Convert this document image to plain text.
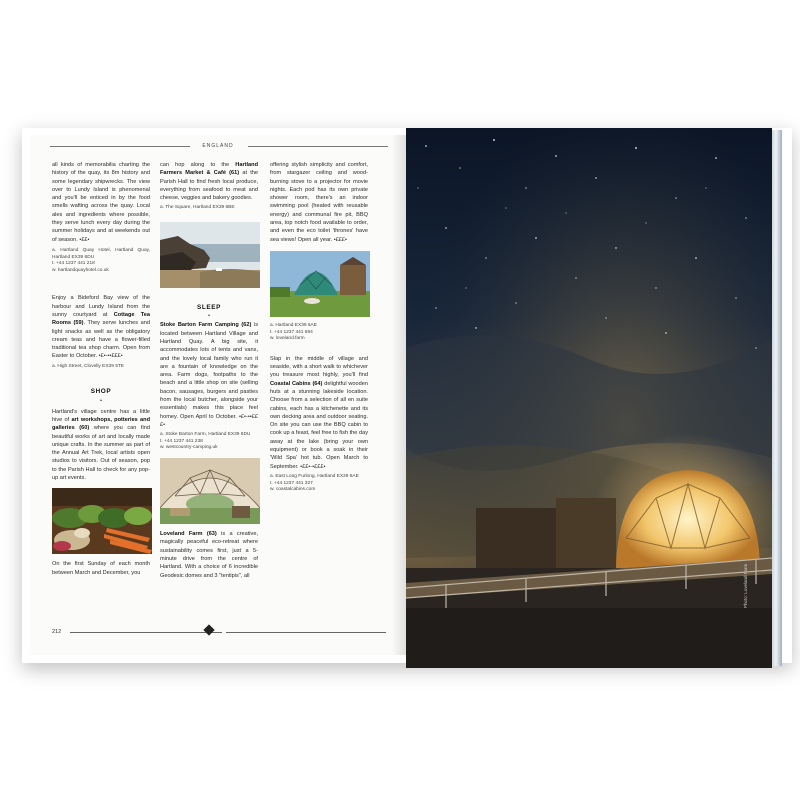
ENGLAND

all kinds of memorabilia charting the history of the quay, its 8m history and some legendary shipwrecks. The view over to Lundy Island is phenomenal and you'll be enticed in by the food smells wafting across the quay. Local ales and ingredients where possible, they serve lunch every day during the summer holidays and at weekends out of season. •££•

a. Hartland Quay Hotel, Hartland Quay, Hartland EX39 6DU

t. +44 1237 441 218

w. hartlandquayhotel.co.uk

Enjoy a Bideford Bay view of the harbour and Lundy Island from the sunny courtyard at Cottage Tea Rooms (59). They serve lunches and light snacks as well as the obligatory cream teas and have a flower-filled traditional tea shop charm. Open from Easter to October. •£•-••£££•

a. High Street, Clovelly EX39 5TE

SHOP
•

Hartland's village centre has a little hive of art workshops, potteries and galleries (60) where you can find beautiful works of art and locally made unique crafts. In the summer as part of the Annual Art Trek, local artists open studios to visitors. Out of season, pop to the Parish Hall to check for any pop-up art events.

On the first Sunday of each month between March and December, you

can hop along to the Hartland Farmers Market & Café (61) at the Parish Hall to find fresh local produce, everything from seafood to meat and cheese, veggies and bakery goodies.

a. The Square, Hartland EX39 6BE

SLEEP
•

Stoke Barton Farm Camping (62) is located between Hartland Village and Hartland Quay. A big site, it accommodates lots of tents and vans, and the lovely local family who run it are a fountain of knowledge on the area. Farm dogs, footpaths to the beach and a little shop on site (selling bacon, sausages, burgers and pasties from the local butcher, alongside your essentials) makes this place feel homey. Open April to October. •£•-••£££•

a. Stoke Barton Farm, Hartland EX39 6DU

t. +44 1237 441 238

w. westcountry-camping.uk

Loveland Farm (63) is a creative, magically peaceful eco-retreat where sustainability comes first, just a 5-minute drive from the centre of Hartland. With a choice of 6 incredible Geodesic domes and 3 "tentipis", all

offering stylish simplicity and comfort, from stargazer ceiling and wood-burning stove to a projector for movie nights. Each pod has its own private shower room, there's an indoor swimming pool (heated with reusable energy) and communal fire pit, BBQ area, top notch food available to order, and even the eco toilet 'thrones' have sea views! Open all year. •£££•

a. Hartland EX39 6AE

t. +44 1237 441 694

w. loveland.farm

Slap in the middle of village and seaside, with a short walk to whichever you treasure most highly, you'll find Coastal Cabins (64) delightful wooden huts at a stunning lakeside location. Choose from a selection of all en suite cabins, each has a kitchenette and its own decking area and outdoor seating. On site you can use the BBQ cabin to cook up a feast, feel free to fish the day away at the lake (bring your own equipment) or book a soak in their 'Wild Spa' hot tub. Open March to September. •££•-•£££•

a. East Long Furlong, Hartland EX39 6AE

t. +44 1237 441 327

w. coastalcabins.com

212
Photo: Loveland Farm
